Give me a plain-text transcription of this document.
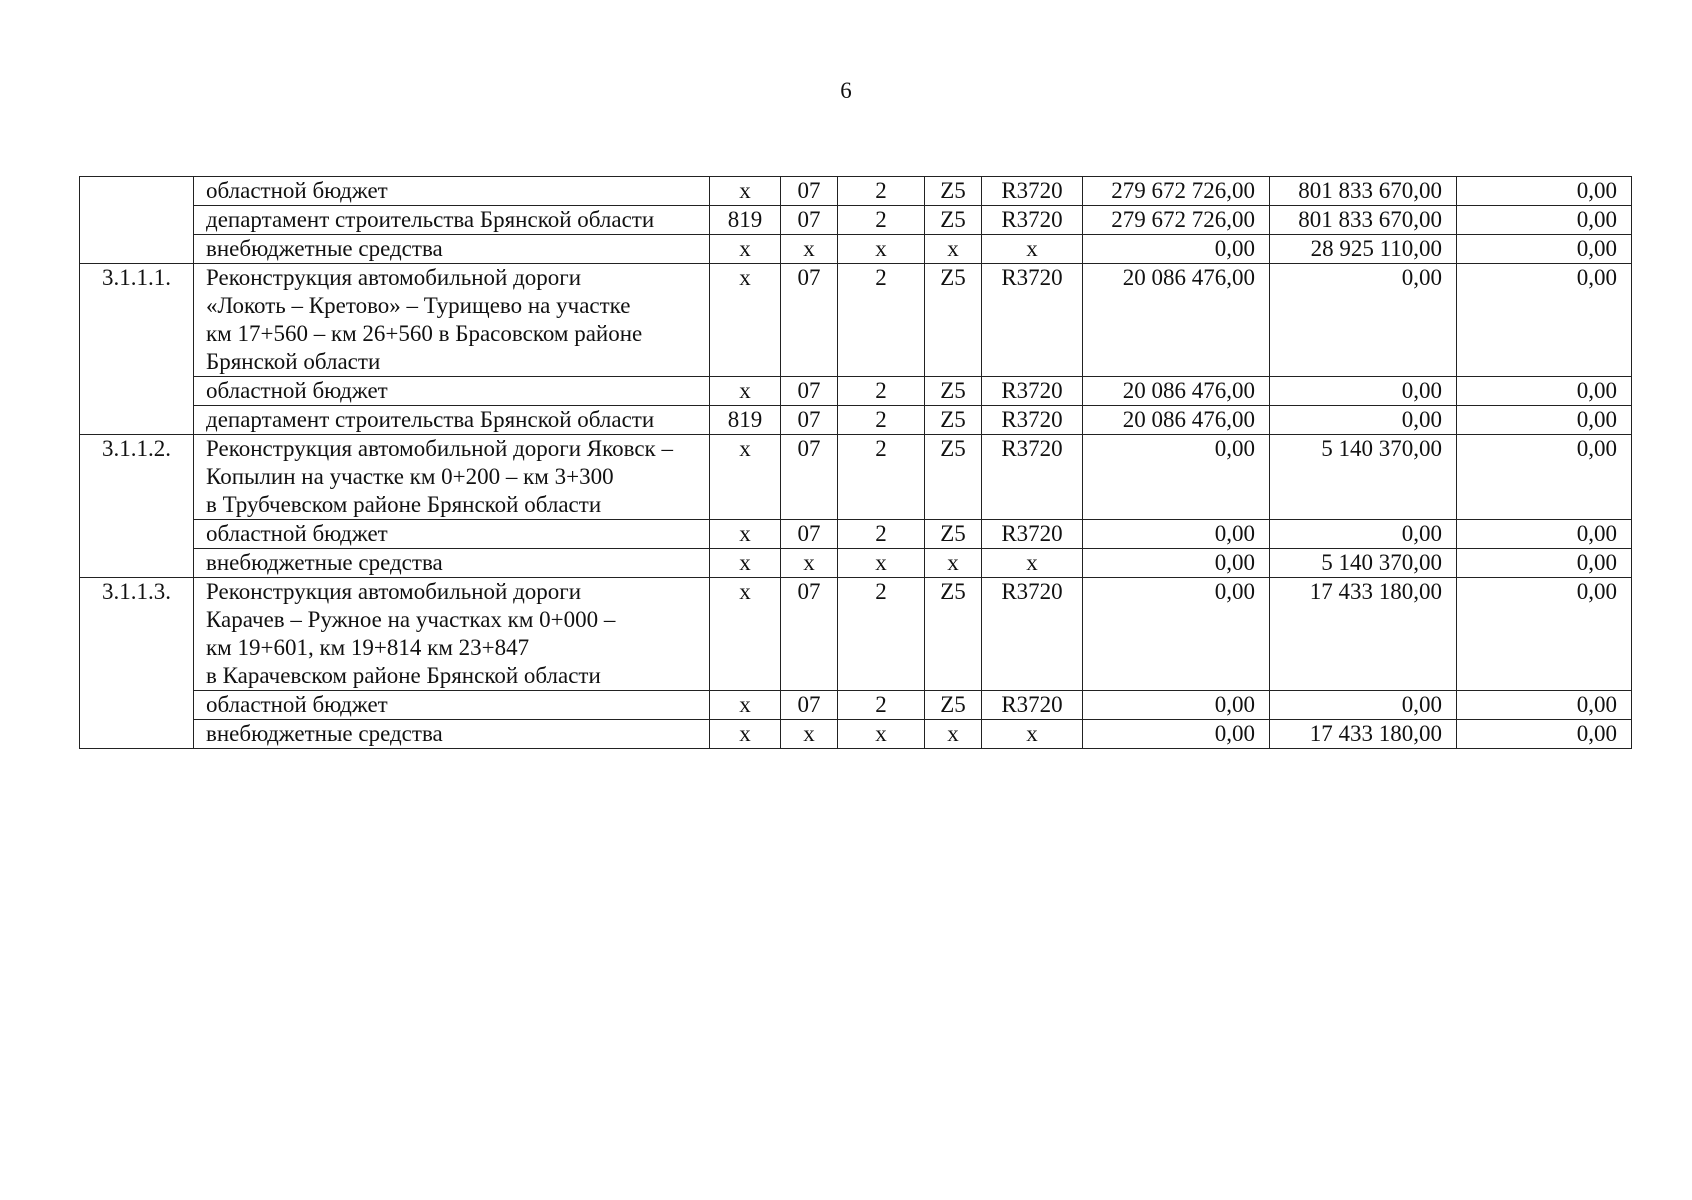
6

	областной бюджет	х	07	2	Z5	R3720	279 672 726,00	801 833 670,00	0,00

	департамент строительства Брянской области	819	07	2	Z5	R3720	279 672 726,00	801 833 670,00	0,00

	внебюджетные средства	х	х	х	х	х	0,00	28 925 110,00	0,00
3.1.1.1.	Реконструкция автомобильной дороги
«Локоть – Кретово» – Турищево на участке
км 17+560 – км 26+560 в Брасовском районе
Брянской области	х	07	2	Z5	R3720	20 086 476,00	0,00	0,00

	областной бюджет	х	07	2	Z5	R3720	20 086 476,00	0,00	0,00

	департамент строительства Брянской области	819	07	2	Z5	R3720	20 086 476,00	0,00	0,00
3.1.1.2.	Реконструкция автомобильной дороги Яковск –
Копылин на участке км 0+200 – км 3+300
в Трубчевском районе Брянской области	х	07	2	Z5	R3720	0,00	5 140 370,00	0,00

	областной бюджет	х	07	2	Z5	R3720	0,00	0,00	0,00

	внебюджетные средства	х	х	х	х	х	0,00	5 140 370,00	0,00
3.1.1.3.	Реконструкция автомобильной дороги
Карачев – Ружное на участках км 0+000 –
км 19+601, км 19+814 км 23+847
в Карачевском районе Брянской области	х	07	2	Z5	R3720	0,00	17 433 180,00	0,00

	областной бюджет	х	07	2	Z5	R3720	0,00	0,00	0,00

	внебюджетные средства	х	х	х	х	х	0,00	17 433 180,00	0,00
